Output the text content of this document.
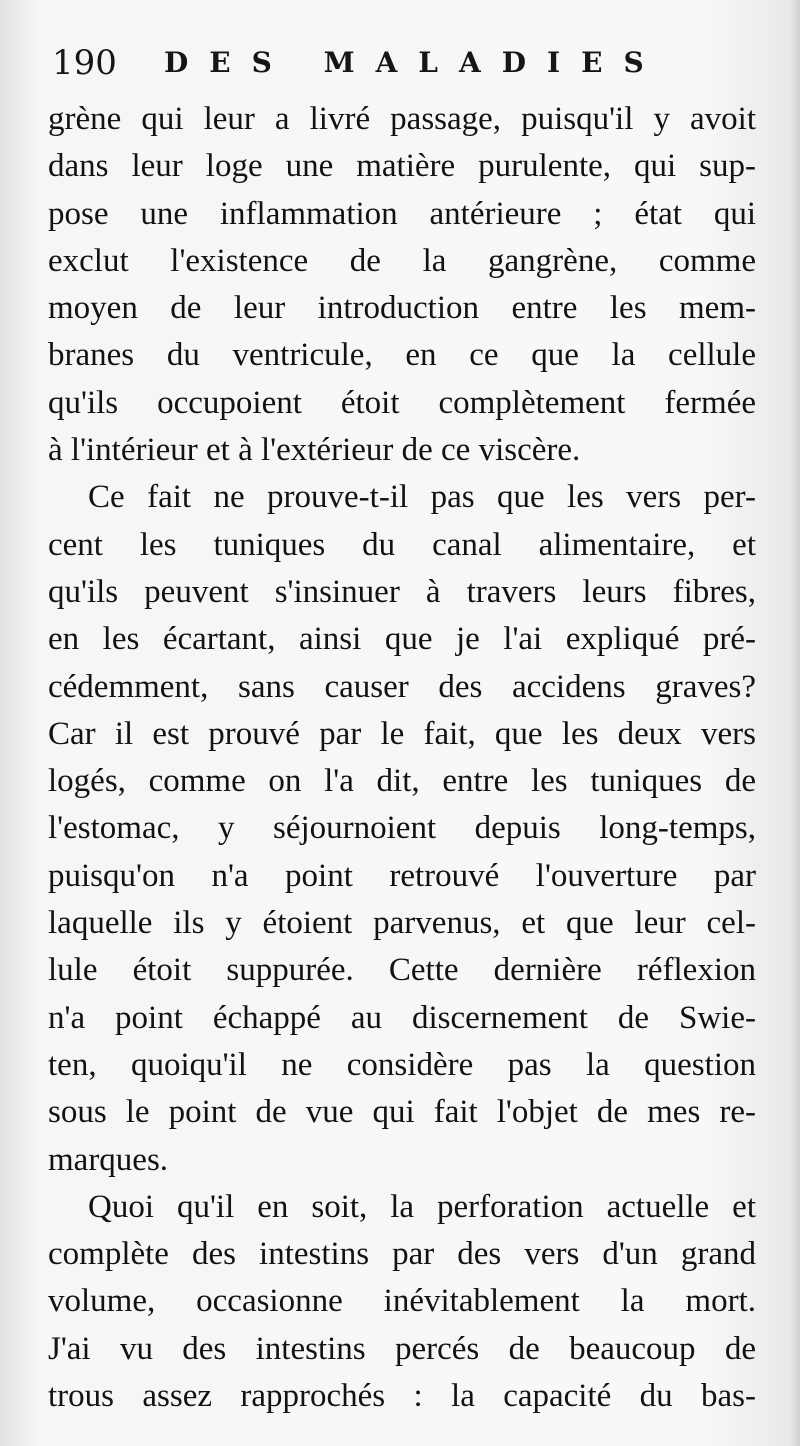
190 DES MALADIES
grène qui leur a livré passage, puisqu'il y avoit
dans leur loge une matière purulente, qui sup-
pose une inflammation antérieure ; état qui
exclut l'existence de la gangrène, comme
moyen de leur introduction entre les mem-
branes du ventricule, en ce que la cellule
qu'ils occupoient étoit complètement fermée
à l'intérieur et à l'extérieur de ce viscère.
Ce fait ne prouve-t-il pas que les vers per-
cent les tuniques du canal alimentaire, et
qu'ils peuvent s'insinuer à travers leurs fibres,
en les écartant, ainsi que je l'ai expliqué pré-
cédemment, sans causer des accidens graves?
Car il est prouvé par le fait, que les deux vers
logés, comme on l'a dit, entre les tuniques de
l'estomac, y séjournoient depuis long-temps,
puisqu'on n'a point retrouvé l'ouverture par
laquelle ils y étoient parvenus, et que leur cel-
lule étoit suppurée. Cette dernière réflexion
n'a point échappé au discernement de Swie-
ten, quoiqu'il ne considère pas la question
sous le point de vue qui fait l'objet de mes re-
marques.
Quoi qu'il en soit, la perforation actuelle et
complète des intestins par des vers d'un grand
volume, occasionne inévitablement la mort.
J'ai vu des intestins percés de beaucoup de
trous assez rapprochés : la capacité du bas-
